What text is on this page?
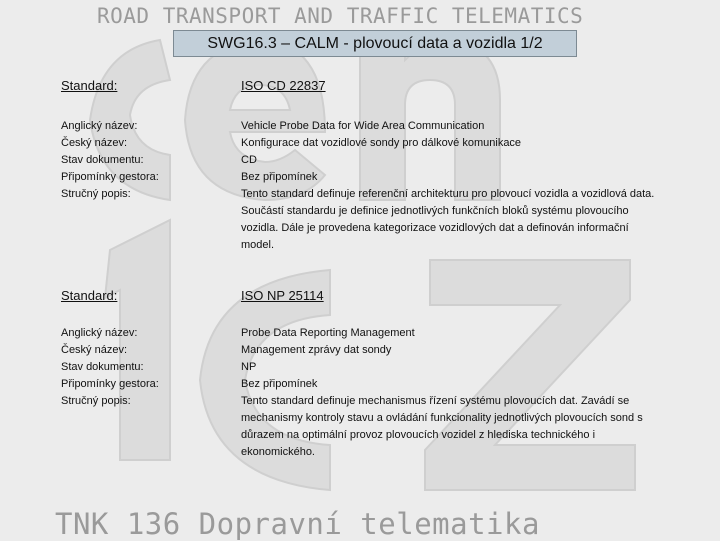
ROAD TRANSPORT AND TRAFFIC TELEMATICS
SWG16.3 – CALM - plovoucí data a vozidla 1/2
Standard:	ISO CD 22837
Anglický název:	Vehicle Probe Data for Wide Area Communication
Český název:	Konfigurace dat vozidlové sondy pro dálkové komunikace
Stav dokumentu:	CD
Připomínky gestora:	Bez připomínek
Stručný popis:	Tento standard definuje referenční architekturu pro plovoucí vozidla a vozidlová data. Součástí standardu je definice jednotlivých funkčních bloků systému plovoucího vozidla. Dále je provedena kategorizace vozidlových dat a definován informační model.
Standard:	ISO NP 25114
Anglický název:	Probe Data Reporting Management
Český název:	Management zprávy dat sondy
Stav dokumentu:	NP
Připomínky gestora:	Bez připomínek
Stručný popis:	Tento standard definuje mechanismus řízení systému plovoucích dat. Zavádí se mechanismy kontroly stavu a ovládání funkcionality jednotlivých plovoucích sond s důrazem na optimální provoz plovoucích vozidel z hlediska technického i ekonomického.
TNK 136 Dopravní telematika
